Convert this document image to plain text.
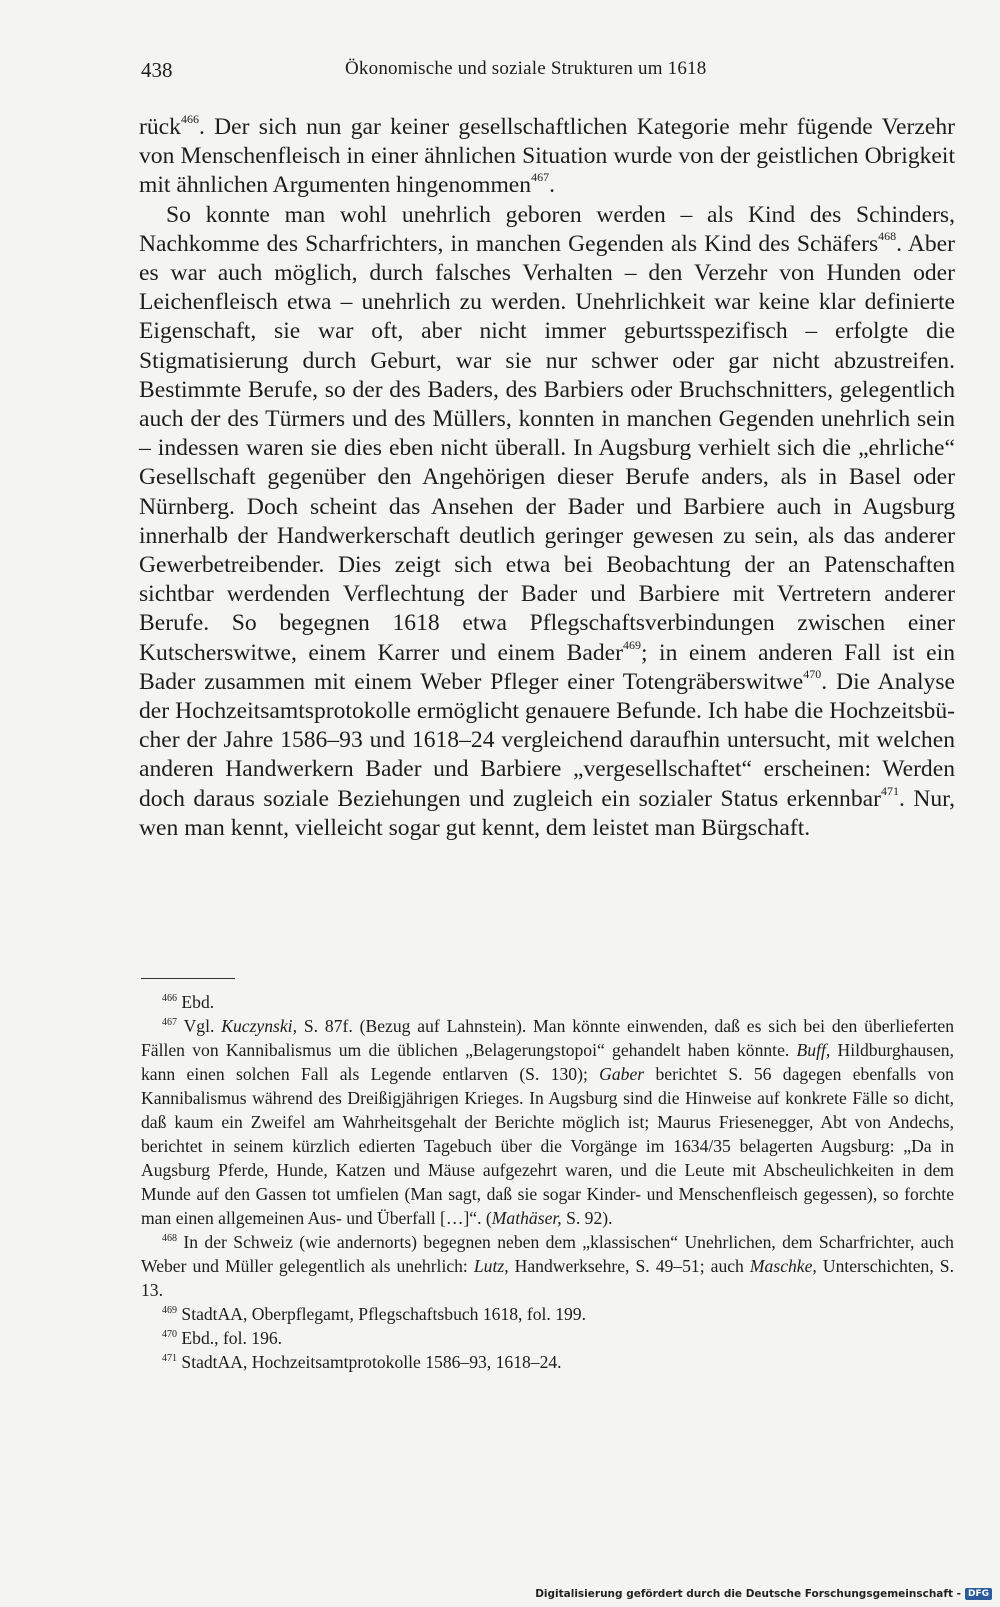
438	Ökonomische und soziale Strukturen um 1618

rück$^{466}$. Der sich nun gar keiner gesellschaftlichen Kategorie mehr fügende Verzehr von Menschenfleisch in einer ähnlichen Situation wurde von der geistlichen Obrigkeit mit ähnlichen Argumenten hingenommen$^{467}$.

So konnte man wohl unehrlich geboren werden – als Kind des Schinders, Nachkomme des Scharfrichters, in manchen Gegenden als Kind des Schäfers$^{468}$. Aber es war auch möglich, durch falsches Verhalten – den Verzehr von Hunden oder Leichenfleisch etwa – unehrlich zu werden. Unehrlichkeit war keine klar definierte Eigenschaft, sie war oft, aber nicht immer geburtsspezifisch – erfolgte die Stigmatisierung durch Geburt, war sie nur schwer oder gar nicht abzustreifen. Bestimmte Berufe, so der des Baders, des Barbiers oder Bruchschnitters, gelegentlich auch der des Türmers und des Müllers, konnten in manchen Gegenden unehrlich sein – indessen waren sie dies eben nicht überall. In Augsburg verhielt sich die „ehrliche“ Gesellschaft gegenüber den Angehörigen dieser Berufe anders, als in Basel oder Nürnberg. Doch scheint das Ansehen der Bader und Barbiere auch in Augsburg innerhalb der Handwerkerschaft deutlich geringer gewesen zu sein, als das anderer Gewerbetreibender. Dies zeigt sich etwa bei Beobachtung der an Patenschaften sichtbar werdenden Verflechtung der Bader und Barbiere mit Vertretern anderer Berufe. So begegnen 1618 etwa Pflegschaftsverbindungen zwischen einer Kutscherswitwe, einem Karrer und einem Bader$^{469}$; in einem anderen Fall ist ein Bader zusammen mit einem Weber Pfleger einer Totengräberswitwe$^{470}$. Die Analyse der Hochzeitsamtsprotokolle ermöglicht genauere Befunde. Ich habe die Hochzeitsbücher der Jahre 1586–93 und 1618–24 vergleichend daraufhin untersucht, mit welchen anderen Handwerkern Bader und Barbiere „vergesellschaftet“ erscheinen: Werden doch daraus soziale Beziehungen und zugleich ein sozialer Status erkennbar$^{471}$. Nur, wen man kennt, vielleicht sogar gut kennt, dem leistet man Bürgschaft.

$^{466}$ Ebd.

$^{467}$ Vgl. Kuczynski, S. 87f. (Bezug auf Lahnstein). Man könnte einwenden, daß es sich bei den überlieferten Fällen von Kannibalismus um die üblichen „Belagerungstopoi“ gehandelt haben könnte. Buff, Hildburghausen, kann einen solchen Fall als Legende entlarven (S. 130); Gaber berichtet S. 56 dagegen ebenfalls von Kannibalismus während des Dreißigjährigen Krieges. In Augsburg sind die Hinweise auf konkrete Fälle so dicht, daß kaum ein Zweifel am Wahrheitsgehalt der Berichte möglich ist; Maurus Friesenegger, Abt von Andechs, berichtet in seinem kürzlich edierten Tagebuch über die Vorgänge im 1634/35 belagerten Augsburg: „Da in Augsburg Pferde, Hunde, Katzen und Mäuse aufgezehrt waren, und die Leute mit Abscheulichkeiten in dem Munde auf den Gassen tot umfielen (Man sagt, daß sie sogar Kinder- und Menschenfleisch gegessen), so forchte man einen allgemeinen Aus- und Überfall […]“. (Mathäser, S. 92).

$^{468}$ In der Schweiz (wie andernorts) begegnen neben dem „klassischen“ Unehrlichen, dem Scharfrichter, auch Weber und Müller gelegentlich als unehrlich: Lutz, Handwerksehre, S. 49–51; auch Maschke, Unterschichten, S. 13.

$^{469}$ StadtAA, Oberpflegamt, Pflegschaftsbuch 1618, fol. 199.

$^{470}$ Ebd., fol. 196.

$^{471}$ StadtAA, Hochzeitsamtprotokolle 1586–93, 1618–24.

Digitalisierung gefördert durch die Deutsche Forschungsgemeinschaft - DFG
